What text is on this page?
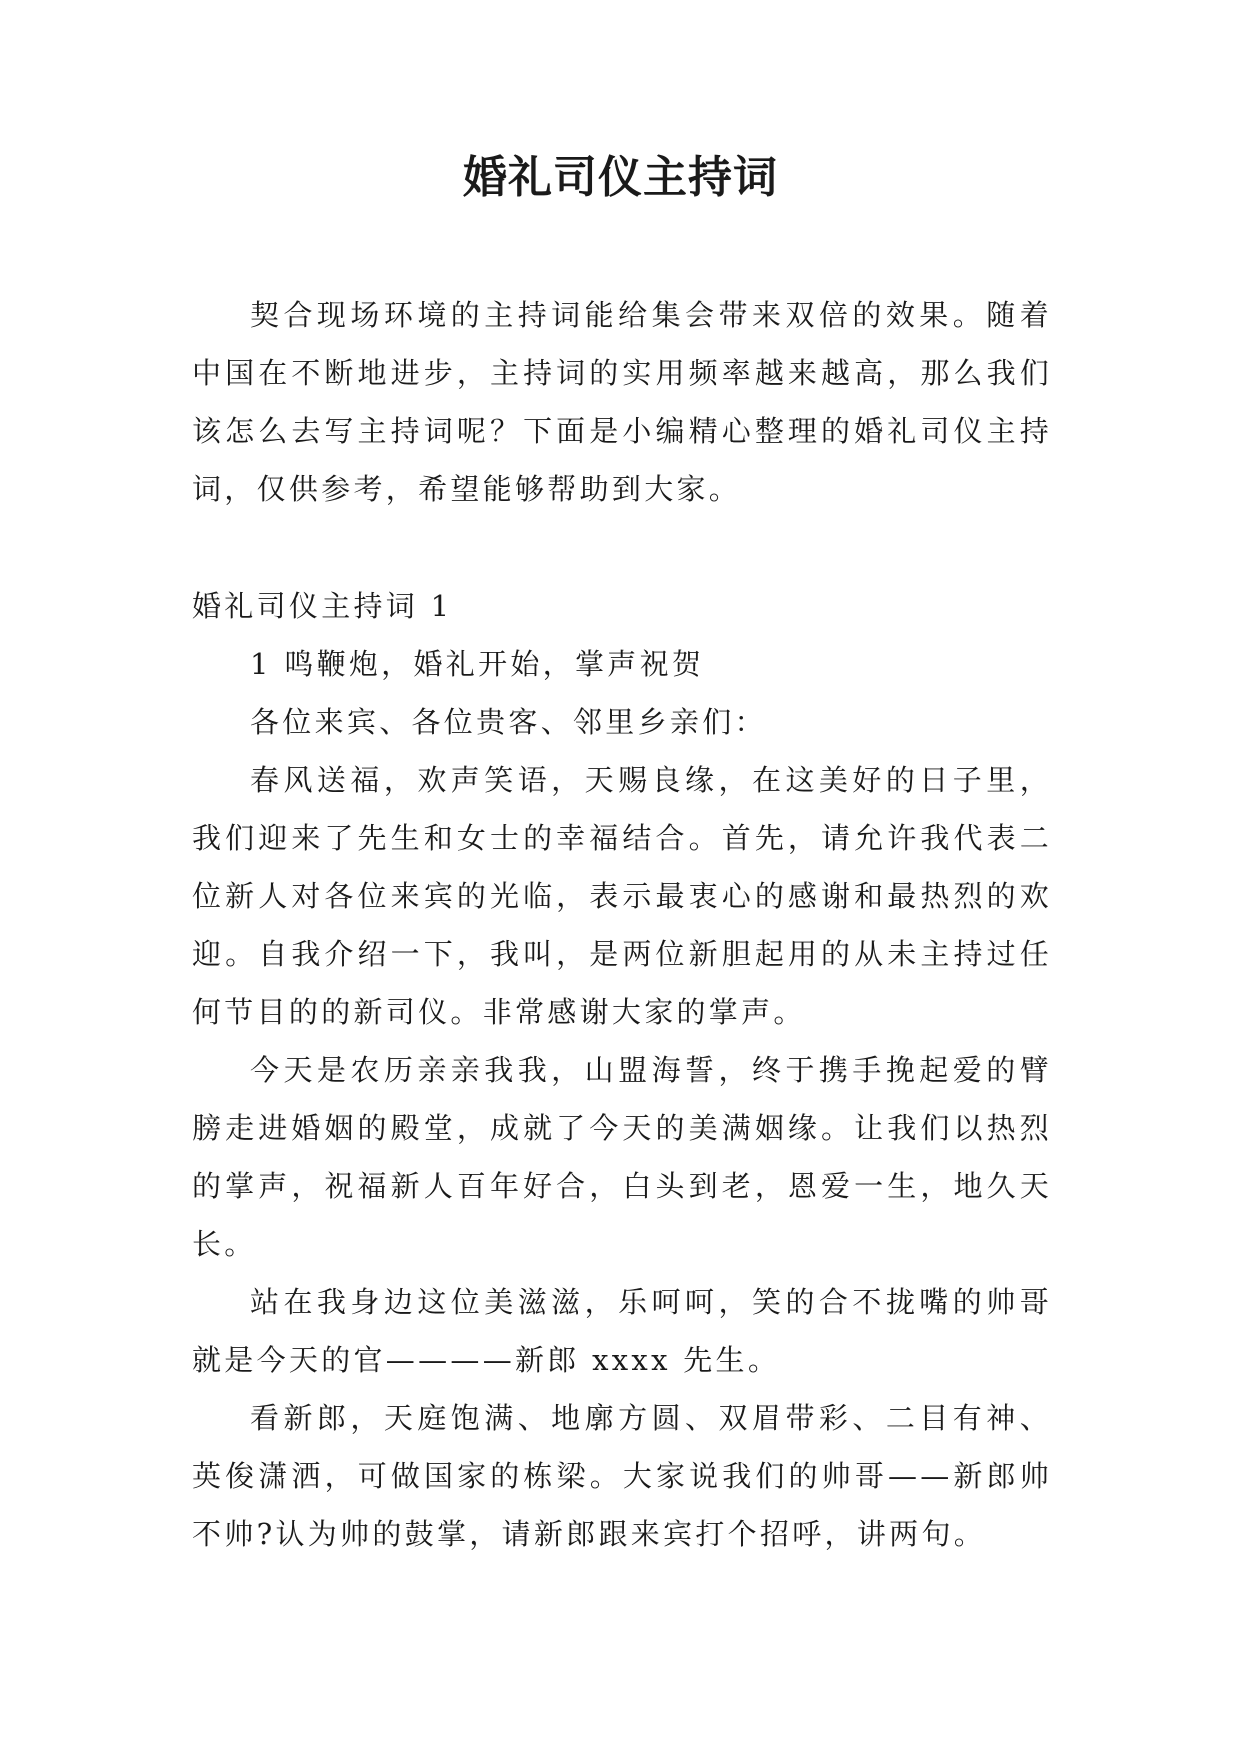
婚礼司仪主持词

契合现场环境的主持词能给集会带来双倍的效果。随着中国在不断地进步，主持词的实用频率越来越高，那么我们该怎么去写主持词呢？下面是小编精心整理的婚礼司仪主持词，仅供参考，希望能够帮助到大家。

婚礼司仪主持词 1

1 鸣鞭炮，婚礼开始，掌声祝贺

各位来宾、各位贵客、邻里乡亲们：

春风送福，欢声笑语，天赐良缘，在这美好的日子里，我们迎来了先生和女士的幸福结合。首先，请允许我代表二位新人对各位来宾的光临，表示最衷心的感谢和最热烈的欢迎。自我介绍一下，我叫，是两位新胆起用的从未主持过任何节目的的新司仪。非常感谢大家的掌声。

今天是农历亲亲我我，山盟海誓，终于携手挽起爱的臂膀走进婚姻的殿堂，成就了今天的美满姻缘。让我们以热烈的掌声，祝福新人百年好合，白头到老，恩爱一生，地久天长。

站在我身边这位美滋滋，乐呵呵，笑的合不拢嘴的帅哥就是今天的官————新郎 xxxx 先生。

看新郎，天庭饱满、地廓方圆、双眉带彩、二目有神、英俊潇洒，可做国家的栋梁。大家说我们的帅哥——新郎帅不帅?认为帅的鼓掌，请新郎跟来宾打个招呼，讲两句。
